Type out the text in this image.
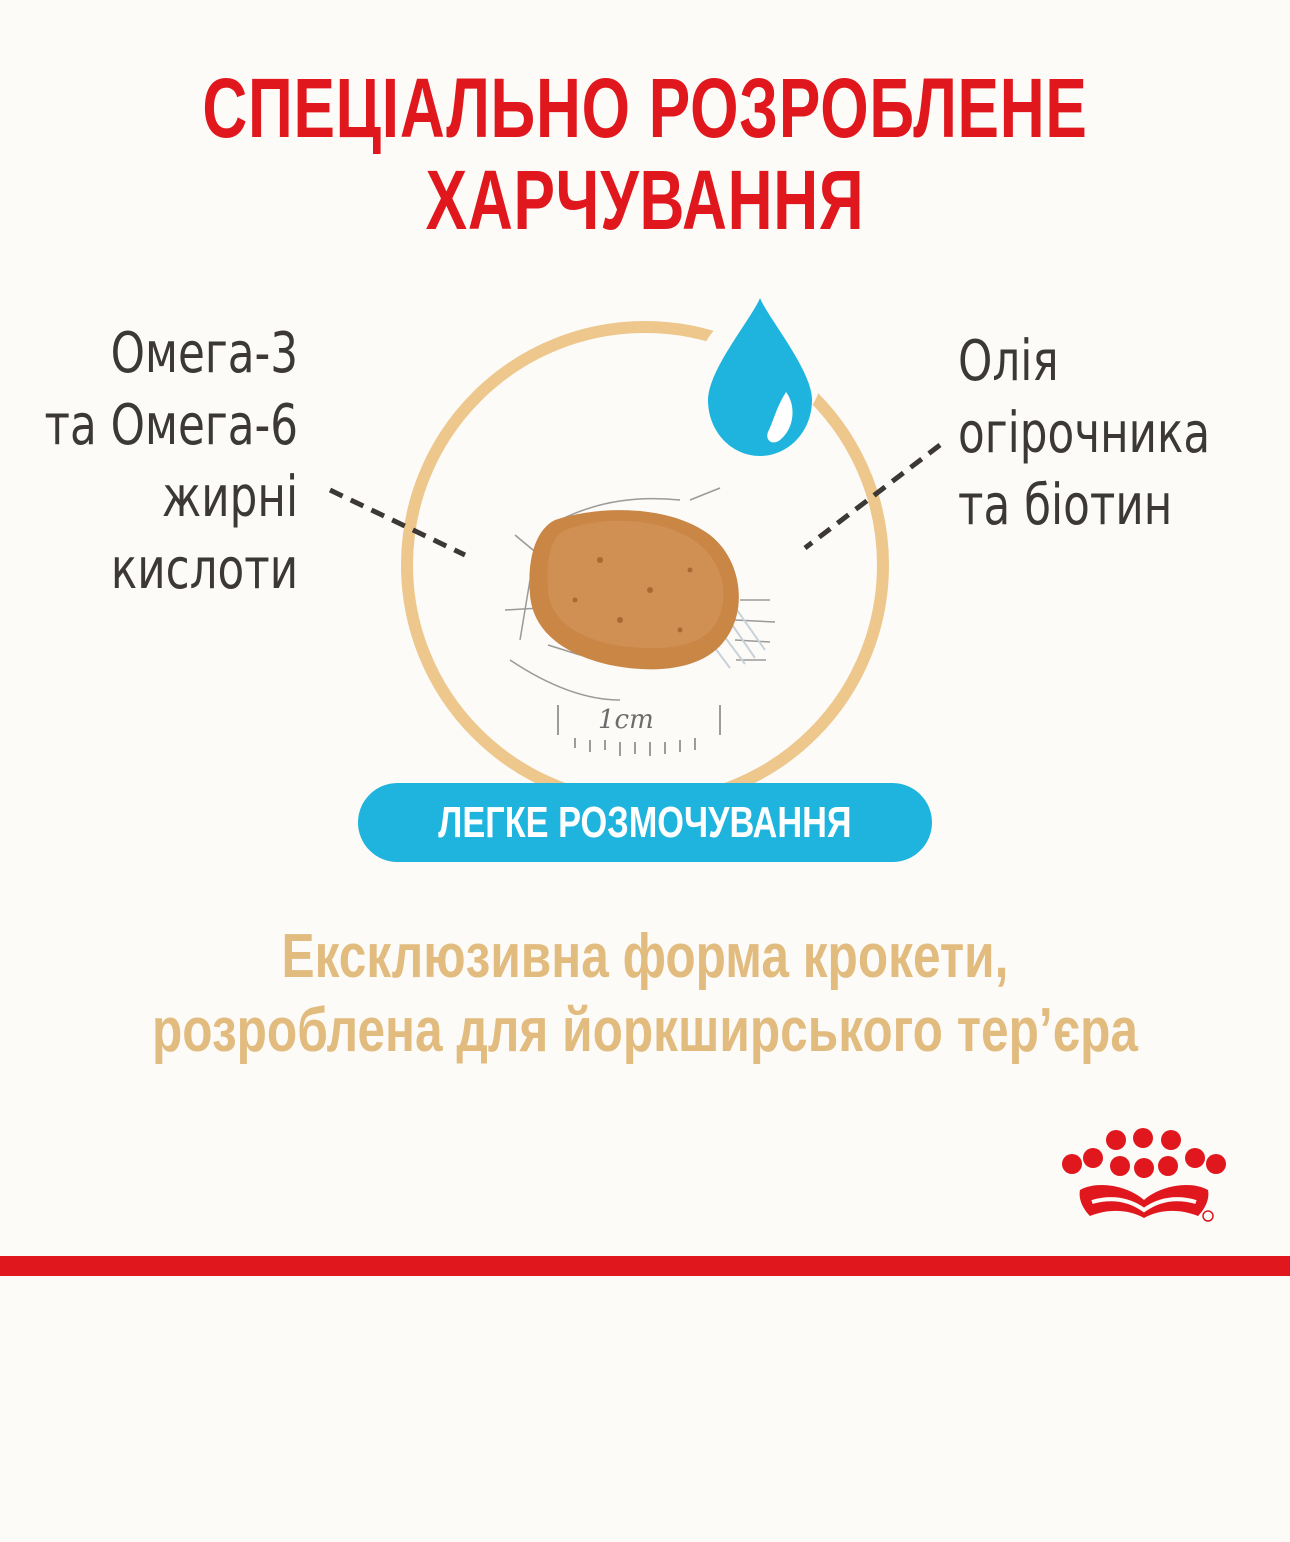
СПЕЦІАЛЬНО РОЗРОБЛЕНЕ
ХАРЧУВАННЯ
1cm
Омега-3
та Омега-6
жирні
кислоти
Олія
огірочника
та біотин
ЛЕГКЕ РОЗМОЧУВАННЯ
Ексклюзивна форма крокети,
розроблена для йоркширського тер’єра
